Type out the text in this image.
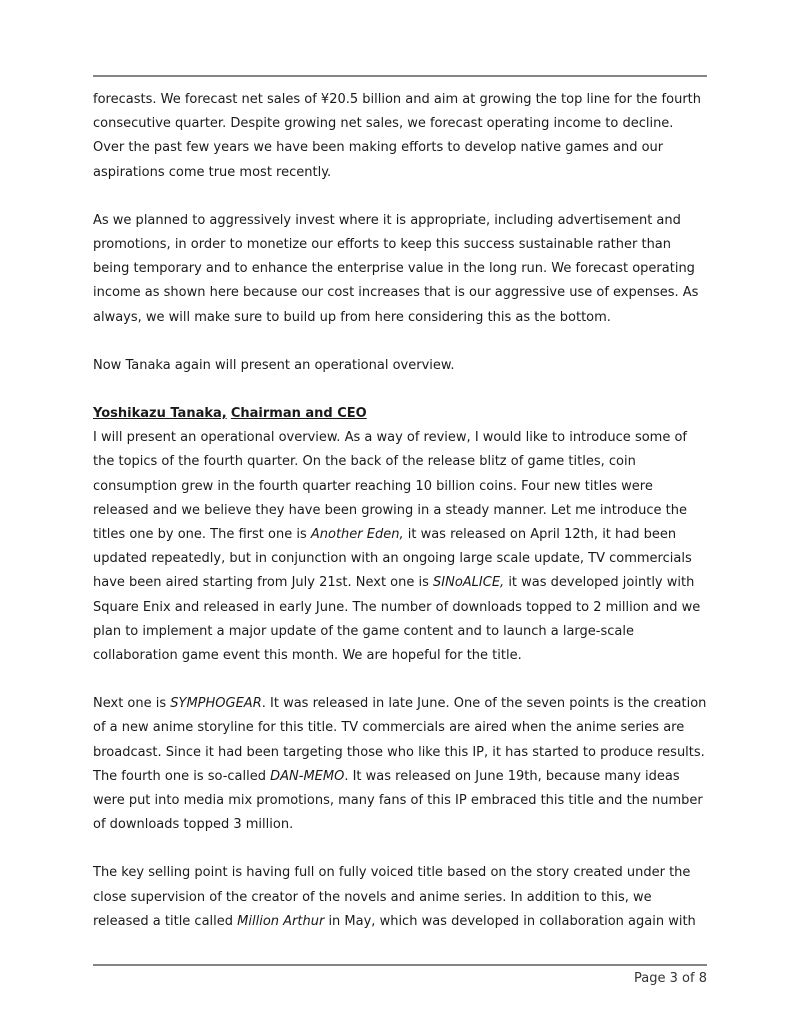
forecasts. We forecast net sales of ¥20.5 billion and aim at growing the top line for the fourth consecutive quarter. Despite growing net sales, we forecast operating income to decline. Over the past few years we have been making efforts to develop native games and our aspirations come true most recently.

As we planned to aggressively invest where it is appropriate, including advertisement and promotions, in order to monetize our efforts to keep this success sustainable rather than being temporary and to enhance the enterprise value in the long run. We forecast operating income as shown here because our cost increases that is our aggressive use of expenses. As always, we will make sure to build up from here considering this as the bottom.

Now Tanaka again will present an operational overview.

Yoshikazu Tanaka, Chairman and CEO

I will present an operational overview. As a way of review, I would like to introduce some of the topics of the fourth quarter. On the back of the release blitz of game titles, coin consumption grew in the fourth quarter reaching 10 billion coins. Four new titles were released and we believe they have been growing in a steady manner. Let me introduce the titles one by one. The first one is Another Eden, it was released on April 12th, it had been updated repeatedly, but in conjunction with an ongoing large scale update, TV commercials have been aired starting from July 21st. Next one is SINoALICE, it was developed jointly with Square Enix and released in early June. The number of downloads topped to 2 million and we plan to implement a major update of the game content and to launch a large-scale collaboration game event this month. We are hopeful for the title.

Next one is SYMPHOGEAR. It was released in late June. One of the seven points is the creation of a new anime storyline for this title. TV commercials are aired when the anime series are broadcast. Since it had been targeting those who like this IP, it has started to produce results. The fourth one is so-called DAN-MEMO. It was released on June 19th, because many ideas were put into media mix promotions, many fans of this IP embraced this title and the number of downloads topped 3 million.

The key selling point is having full on fully voiced title based on the story created under the close supervision of the creator of the novels and anime series. In addition to this, we released a title called Million Arthur in May, which was developed in collaboration again with

Page 3 of 8
